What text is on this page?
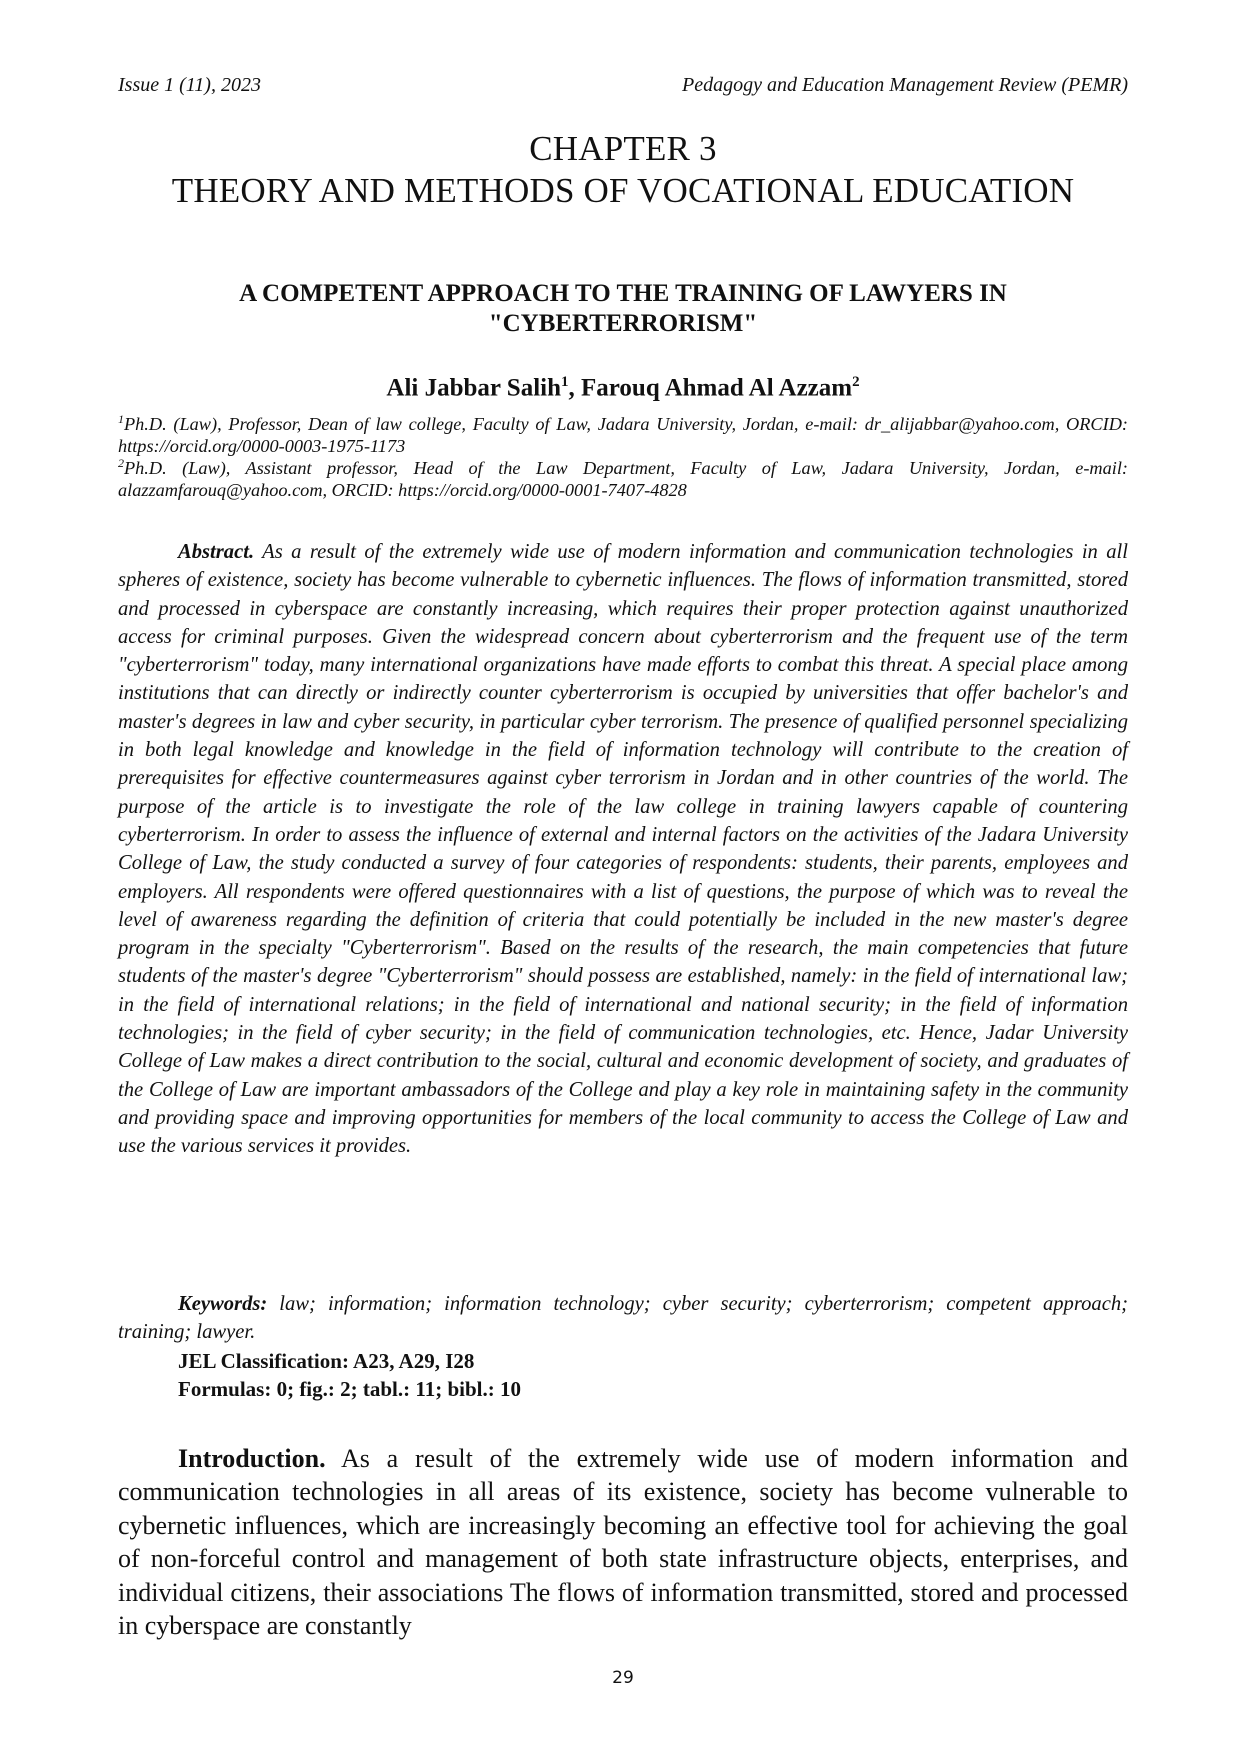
Issue 1 (11), 2023	Pedagogy and Education Management Review (PEMR)
CHAPTER 3
THEORY AND METHODS OF VOCATIONAL EDUCATION
A COMPETENT APPROACH TO THE TRAINING OF LAWYERS IN
"CYBERTERRORISM"
Ali Jabbar Salih$^1$, Farouq Ahmad Al Azzam$^2$
$^1$Ph.D. (Law), Professor, Dean of law college, Faculty of Law, Jadara University, Jordan, e-mail: dr_alijabbar@yahoo.com, ORCID: https://orcid.org/0000-0003-1975-1173
$^2$Ph.D. (Law), Assistant professor, Head of the Law Department, Faculty of Law, Jadara University, Jordan, e-mail: alazzamfarouq@yahoo.com, ORCID: https://orcid.org/0000-0001-7407-4828

Abstract. As a result of the extremely wide use of modern information and communication technologies in all spheres of existence, society has become vulnerable to cybernetic influences. The flows of information transmitted, stored and processed in cyberspace are constantly increasing, which requires their proper protection against unauthorized access for criminal purposes. Given the widespread concern about cyberterrorism and the frequent use of the term "cyberterrorism" today, many international organizations have made efforts to combat this threat. A special place among institutions that can directly or indirectly counter cyberterrorism is occupied by universities that offer bachelor's and master's degrees in law and cyber security, in particular cyber terrorism. The presence of qualified personnel specializing in both legal knowledge and knowledge in the field of information technology will contribute to the creation of prerequisites for effective countermeasures against cyber terrorism in Jordan and in other countries of the world. The purpose of the article is to investigate the role of the law college in training lawyers capable of countering cyberterrorism. In order to assess the influence of external and internal factors on the activities of the Jadara University College of Law, the study conducted a survey of four categories of respondents: students, their parents, employees and employers. All respondents were offered questionnaires with a list of questions, the purpose of which was to reveal the level of awareness regarding the definition of criteria that could potentially be included in the new master's degree program in the specialty "Cyberterrorism". Based on the results of the research, the main competencies that future students of the master's degree "Cyberterrorism" should possess are established, namely: in the field of international law; in the field of international relations; in the field of international and national security; in the field of information technologies; in the field of cyber security; in the field of communication technologies, etc. Hence, Jadar University College of Law makes a direct contribution to the social, cultural and economic development of society, and graduates of the College of Law are important ambassadors of the College and play a key role in maintaining safety in the community and providing space and improving opportunities for members of the local community to access the College of Law and use the various services it provides.

Keywords: law; information; information technology; cyber security; cyberterrorism; competent approach; training; lawyer.

JEL Classification: A23, A29, I28
Formulas: 0; fig.: 2; tabl.: 11; bibl.: 10

Introduction. As a result of the extremely wide use of modern information and communication technologies in all areas of its existence, society has become vulnerable to cybernetic influences, which are increasingly becoming an effective tool for achieving the goal of non-forceful control and management of both state infrastructure objects, enterprises, and individual citizens, their associations The flows of information transmitted, stored and processed in cyberspace are constantly

29
